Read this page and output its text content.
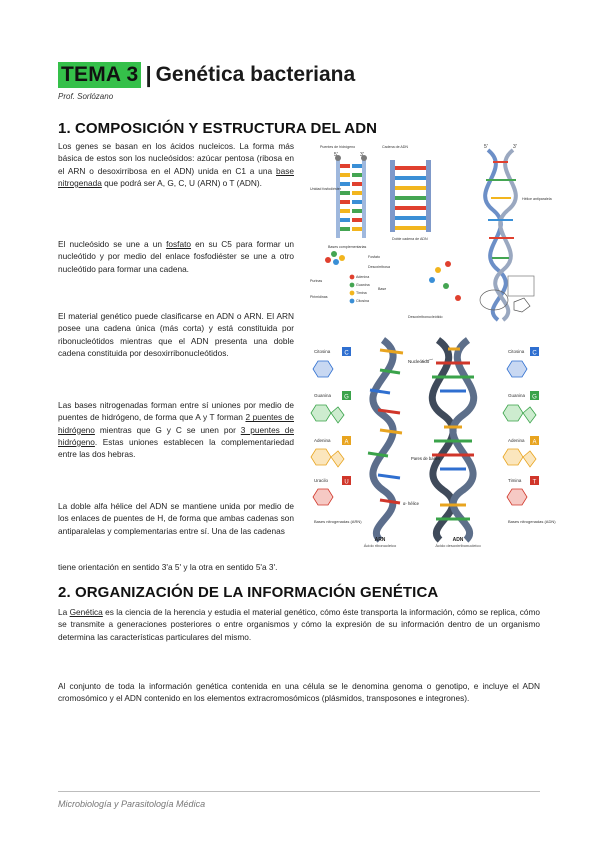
TEMA 3 | Genética bacteriana
Prof. Sorlózano
1. COMPOSICIÓN Y ESTRUCTURA DEL ADN

Los genes se basan en los ácidos nucleicos. La forma más básica de estos son los nucleósidos: azúcar pentosa (ribosa en el ARN o desoxirribosa en el ADN) unida en C1 a una base nitrogenada que podrá ser A, G, C, U (ARN) o T (ADN).

El nucleósido se une a un fosfato en su C5 para formar un nucleótido y por medio del enlace fosfodiéster se une a otro nucleótido para formar una cadena.

El material genético puede clasificarse en ADN o ARN. El ARN posee una cadena única (más corta) y está constituida por ribonucleótidos mientras que el ADN presenta una doble cadena constituida por desoxirribonucleótidos.

Las bases nitrogenadas forman entre sí uniones por medio de puentes de hidrógeno, de forma que A y T forman 2 puentes de hidrógeno mientras que G y C se unen por 3 puentes de hidrógeno. Estas uniones establecen la complementariedad entre las dos hebras.

La doble alfa hélice del ADN se mantiene unida por medio de los enlaces de puentes de H, de forma que ambas cadenas son antiparalelas y complementarias entre sí. Una de las cadenas

tiene orientación en sentido 3'a 5' y la otra en sentido 5'a 3'.

Puentes de hidrógeno	Cadena de ADN
Unidad fosfodiéster
Doble cadena de ADN
Hélice antiparalela
Bases complementarias
Desoxirribosa
Fosfato
Purinas
Pirimidinas
Adenina
Guanina
Timina
Citosina
Base
Desoxirribonucleótido
5'	3'
5'	3'
Citosina C
Guanina G
Adenina A
Uracilo	U
Bases nitrogenadas (ARN)
Citosina C
Guanina G
Adenina A
Timina T
Bases nitrogenadas (ADN)
Nucleótido
Pares de bases
α- hélice
ARN
Ácido ribonucleico
ADN
Ácido desoxirribonucleico
2. ORGANIZACIÓN DE LA INFORMACIÓN GENÉTICA

La Genética es la ciencia de la herencia y estudia el material genético, cómo éste transporta la información, cómo se replica, cómo se transmite a generaciones posteriores o entre organismos y cómo la expresión de su información dentro de un organismo determina las características particulares del mismo.

Al conjunto de toda la información genética contenida en una célula se le denomina genoma o genotipo, e incluye el ADN cromosómico y el ADN contenido en los elementos extracromosómicos (plásmidos, transposones e integrones).

Microbiología y Parasitología Médica
